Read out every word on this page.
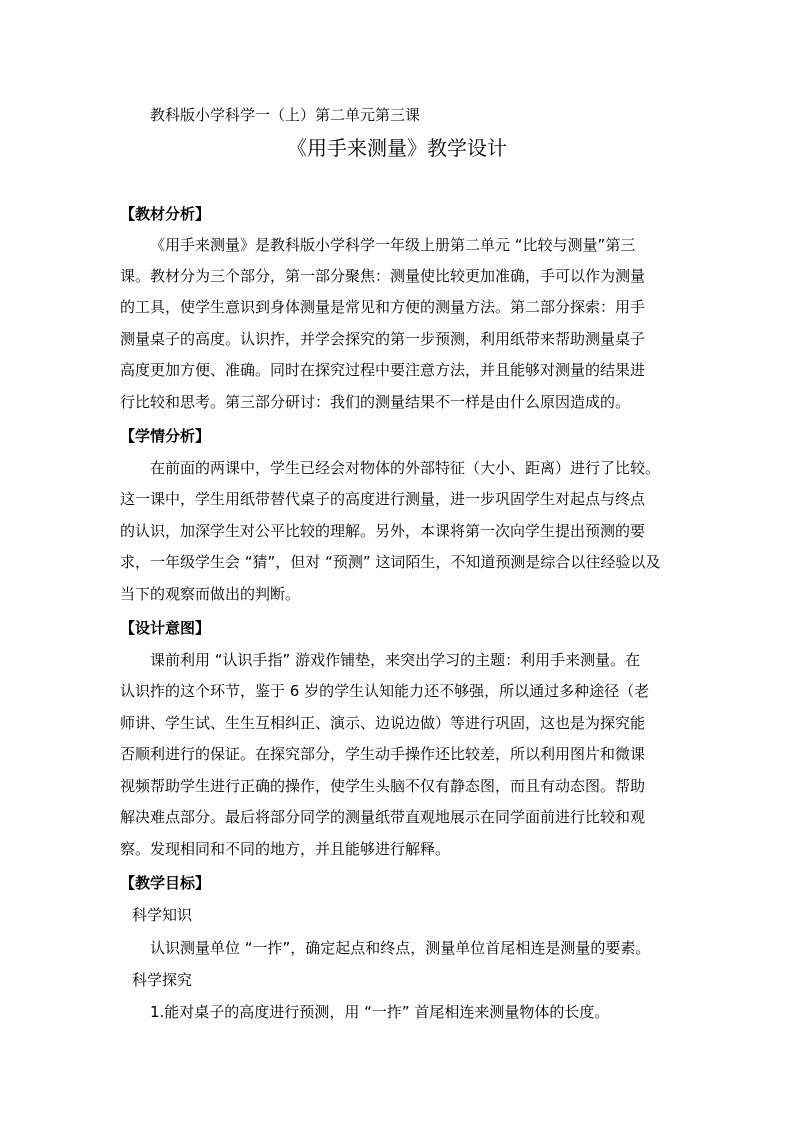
教科版小学科学一（上）第二单元第三课
《用手来测量》教学设计
【教材分析】
《用手来测量》是教科版小学科学一年级上册第二单元 “比较与测量”第三
课。教材分为三个部分，第一部分聚焦：测量使比较更加准确，手可以作为测量
的工具，使学生意识到身体测量是常见和方便的测量方法。第二部分探索：用手
测量桌子的高度。认识拃，并学会探究的第一步预测，利用纸带来帮助测量桌子
高度更加方便、准确。同时在探究过程中要注意方法，并且能够对测量的结果进
行比较和思考。第三部分研讨：我们的测量结果不一样是由什么原因造成的。
【学情分析】
在前面的两课中，学生已经会对物体的外部特征（大小、距离）进行了比较。
这一课中，学生用纸带替代桌子的高度进行测量，进一步巩固学生对起点与终点
的认识，加深学生对公平比较的理解。另外，本课将第一次向学生提出预测的要
求，一年级学生会 “猜”，但对 “预测” 这词陌生，不知道预测是综合以往经验以及
当下的观察而做出的判断。
【设计意图】
课前利用 “认识手指” 游戏作铺垫，来突出学习的主题：利用手来测量。在
认识拃的这个环节，鉴于 6 岁的学生认知能力还不够强，所以通过多种途径（老
师讲、学生试、生生互相纠正、演示、边说边做）等进行巩固，这也是为探究能
否顺利进行的保证。在探究部分，学生动手操作还比较差，所以利用图片和微课
视频帮助学生进行正确的操作，使学生头脑不仅有静态图，而且有动态图。帮助
解决难点部分。最后将部分同学的测量纸带直观地展示在同学面前进行比较和观
察。发现相同和不同的地方，并且能够进行解释。
【教学目标】
科学知识
认识测量单位 “一拃”，确定起点和终点，测量单位首尾相连是测量的要素。
科学探究
1.能对桌子的高度进行预测，用 “一拃” 首尾相连来测量物体的长度。
